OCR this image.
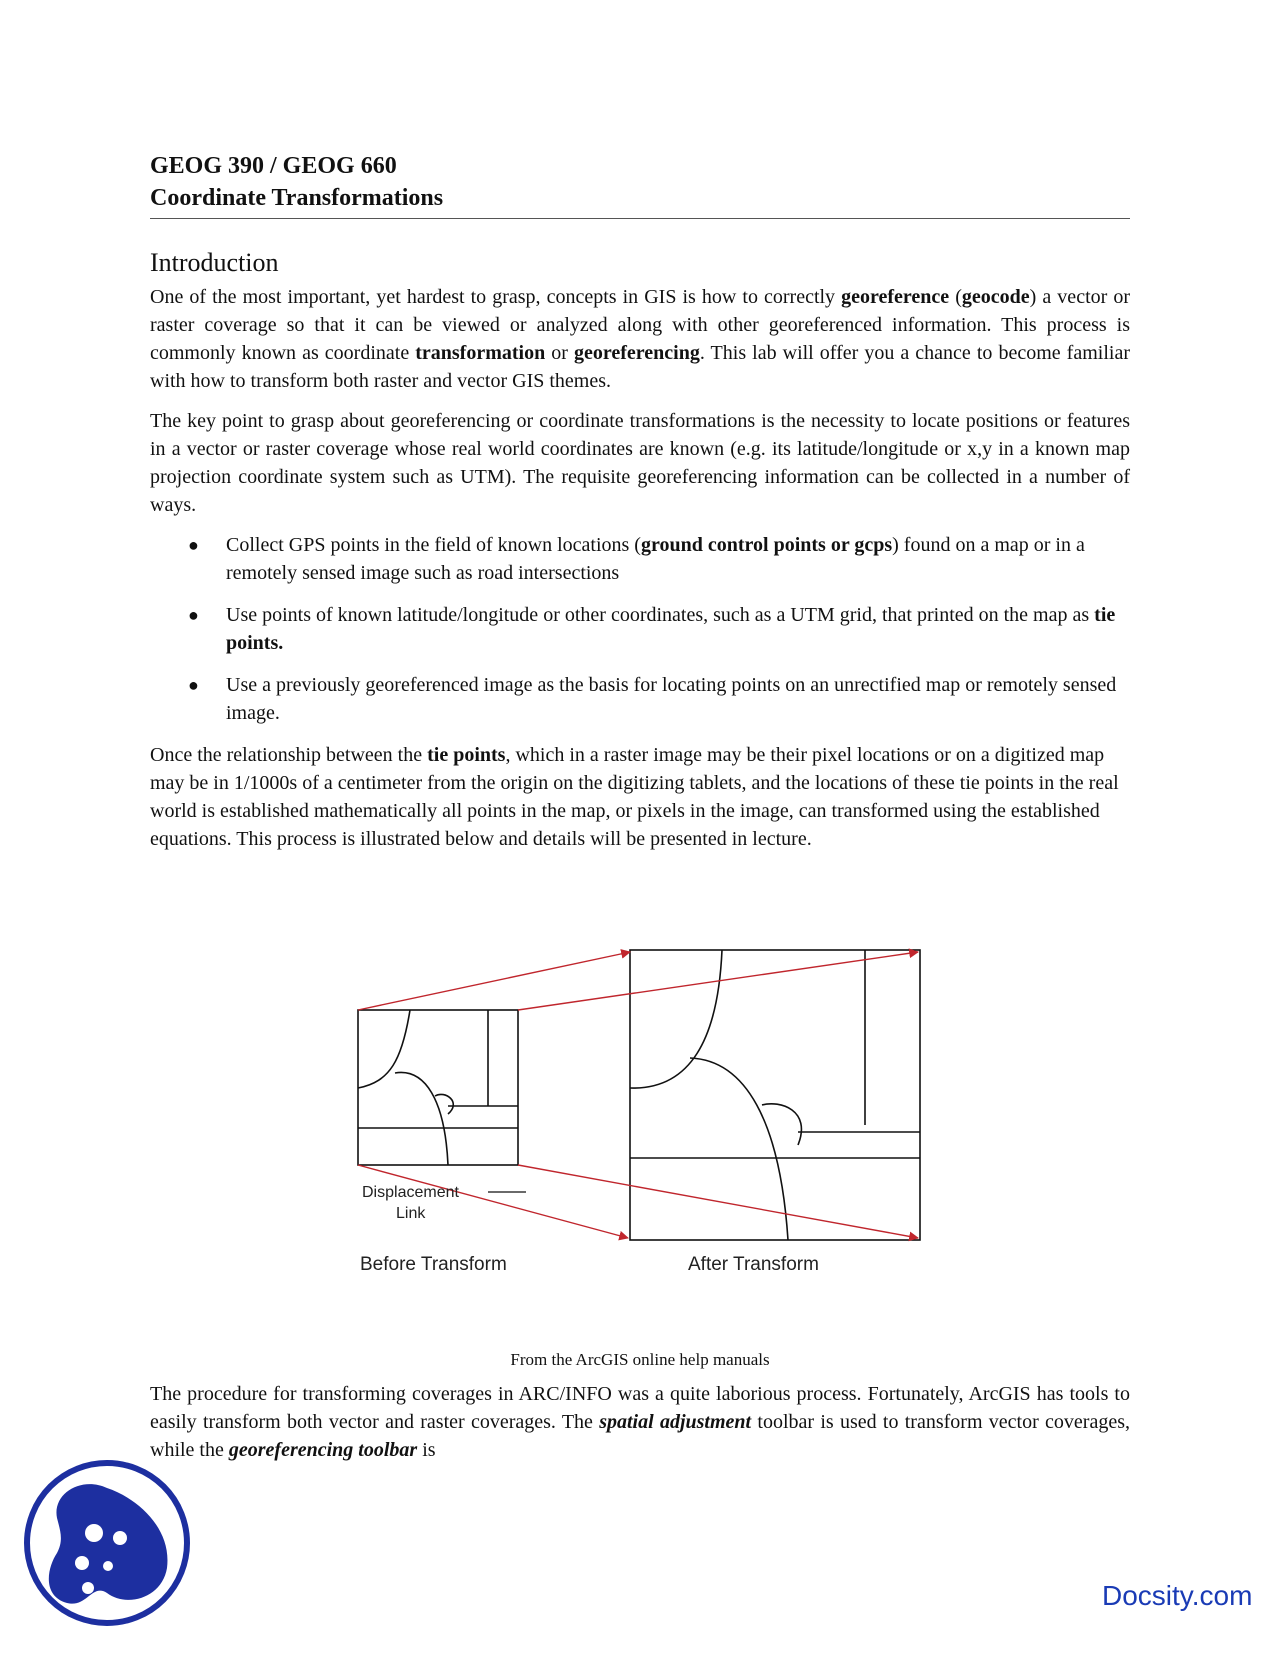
GEOG 390 / GEOG 660
Coordinate Transformations
Introduction

One of the most important, yet hardest to grasp, concepts in GIS is how to correctly georeference (geocode) a vector or raster coverage so that it can be viewed or analyzed along with other georeferenced information. This process is commonly known as coordinate transformation or georeferencing. This lab will offer you a chance to become familiar with how to transform both raster and vector GIS themes.

The key point to grasp about georeferencing or coordinate transformations is the necessity to locate positions or features in a vector or raster coverage whose real world coordinates are known (e.g. its latitude/longitude or x,y in a known map projection coordinate system such as UTM). The requisite georeferencing information can be collected in a number of ways.

● Collect GPS points in the field of known locations (ground control points or gcps) found on a map or in a remotely sensed image such as road intersections
● Use points of known latitude/longitude or other coordinates, such as a UTM grid, that printed on the map as tie points.
● Use a previously georeferenced image as the basis for locating points on an unrectified map or remotely sensed image.

Once the relationship between the tie points, which in a raster image may be their pixel locations or on a digitized map may be in 1/1000s of a centimeter from the origin on the digitizing tablets, and the locations of these tie points in the real world is established mathematically all points in the map, or pixels in the image, can transformed using the established equations. This process is illustrated below and details will be presented in lecture.

Displacement
Link
Before Transform	After Transform
From the ArcGIS online help manuals

The procedure for transforming coverages in ARC/INFO was a quite laborious process. Fortunately, ArcGIS has tools to easily transform both vector and raster coverages. The spatial adjustment toolbar is used to transform vector coverages, while the georeferencing toolbar is

Docsity.com
